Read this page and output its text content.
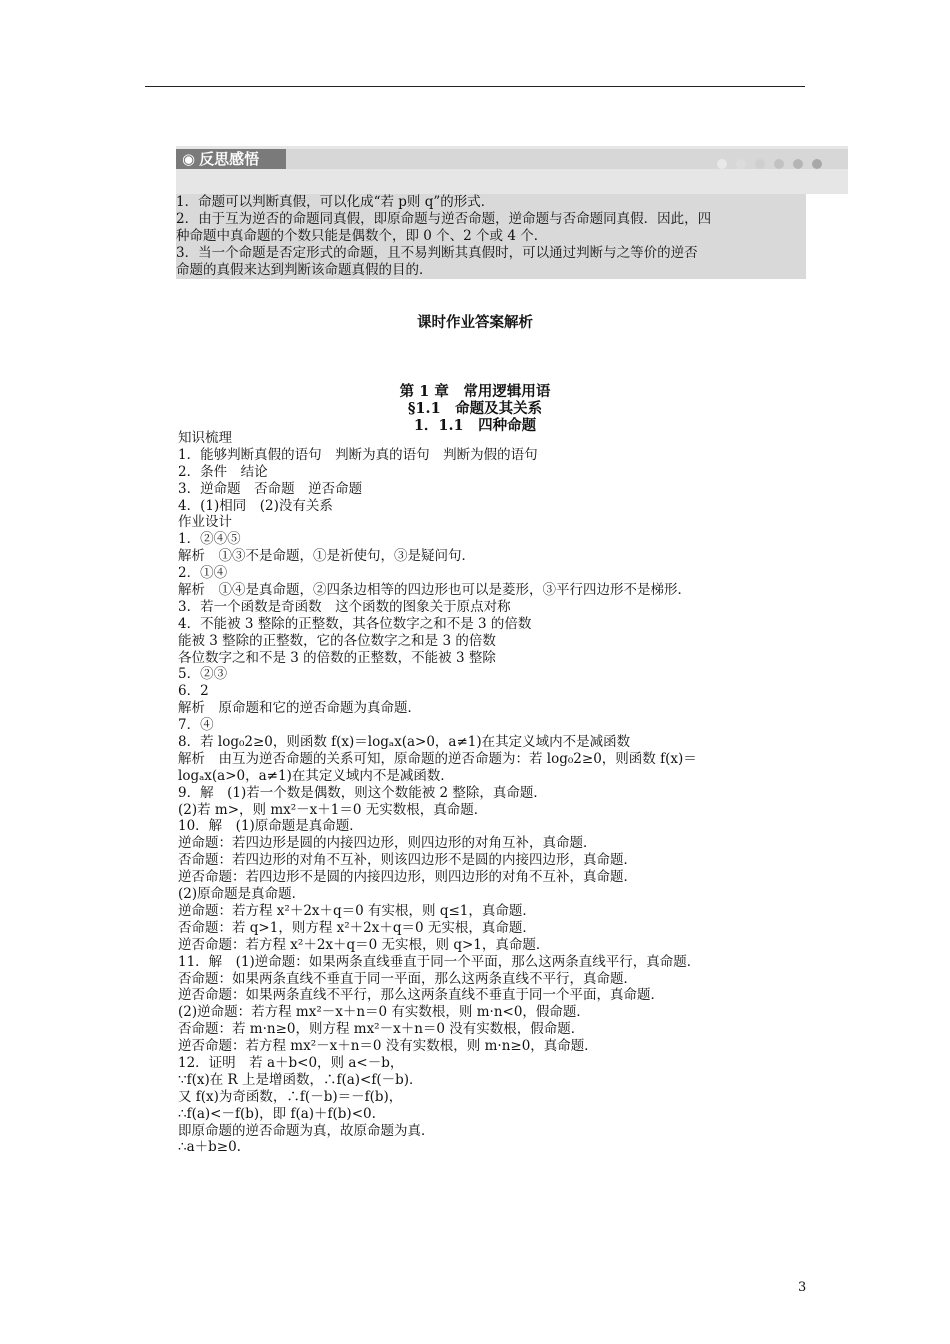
◉ 反思感悟

1．命题可以判断真假，可以化成“若 p则 q”的形式．

2．由于互为逆否的命题同真假，即原命题与逆否命题，逆命题与否命题同真假．因此，四

种命题中真命题的个数只能是偶数个，即 0 个、2 个或 4 个．

3．当一个命题是否定形式的命题，且不易判断其真假时，可以通过判断与之等价的逆否

命题的真假来达到判断该命题真假的目的．

课时作业答案解析
第 1 章　常用逻辑用语
§1.1　命题及其关系
1．1.1　四种命题
知识梳理
1．能够判断真假的语句　判断为真的语句　判断为假的语句
2．条件　结论
3．逆命题　否命题　逆否命题
4．(1)相同　(2)没有关系
作业设计
1．②④⑤
解析　①③不是命题，①是祈使句，③是疑问句．
2．①④
解析　①④是真命题，②四条边相等的四边形也可以是菱形，③平行四边形不是梯形．
3．若一个函数是奇函数　这个函数的图象关于原点对称
4．不能被 3 整除的正整数，其各位数字之和不是 3 的倍数
能被 3 整除的正整数，它的各位数字之和是 3 的倍数
各位数字之和不是 3 的倍数的正整数，不能被 3 整除
5．②③
6．2
解析　原命题和它的逆否命题为真命题．
7．④
8．若 log₀2≥0，则函数 f(x)＝logₐx(a>0，a≠1)在其定义域内不是减函数
解析　由互为逆否命题的关系可知，原命题的逆否命题为：若 log₀2≥0，则函数 f(x)＝
logₐx(a>0，a≠1)在其定义域内不是减函数．
9．解　(1)若一个数是偶数，则这个数能被 2 整除，真命题．
(2)若 m>，则 mx²－x＋1＝0 无实数根，真命题．
10．解　(1)原命题是真命题．
逆命题：若四边形是圆的内接四边形，则四边形的对角互补，真命题．
否命题：若四边形的对角不互补，则该四边形不是圆的内接四边形，真命题．
逆否命题：若四边形不是圆的内接四边形，则四边形的对角不互补，真命题．
(2)原命题是真命题．
逆命题：若方程 x²＋2x＋q＝0 有实根，则 q≤1，真命题．
否命题：若 q>1，则方程 x²＋2x＋q＝0 无实根，真命题．
逆否命题：若方程 x²＋2x＋q＝0 无实根，则 q>1，真命题．
11．解　(1)逆命题：如果两条直线垂直于同一个平面，那么这两条直线平行，真命题．
否命题：如果两条直线不垂直于同一平面，那么这两条直线不平行，真命题．
逆否命题：如果两条直线不平行，那么这两条直线不垂直于同一个平面，真命题．
(2)逆命题：若方程 mx²－x＋n＝0 有实数根，则 m·n<0，假命题．
否命题：若 m·n≥0，则方程 mx²－x＋n＝0 没有实数根，假命题．
逆否命题：若方程 mx²－x＋n＝0 没有实数根，则 m·n≥0，真命题．
12．证明　若 a＋b<0，则 a<－b，
∵f(x)在 R 上是增函数，∴f(a)<f(－b)．
又 f(x)为奇函数，∴f(－b)＝－f(b)，
∴f(a)<－f(b)，即 f(a)＋f(b)<0.
即原命题的逆否命题为真，故原命题为真．
∴a＋b≥0.
3
